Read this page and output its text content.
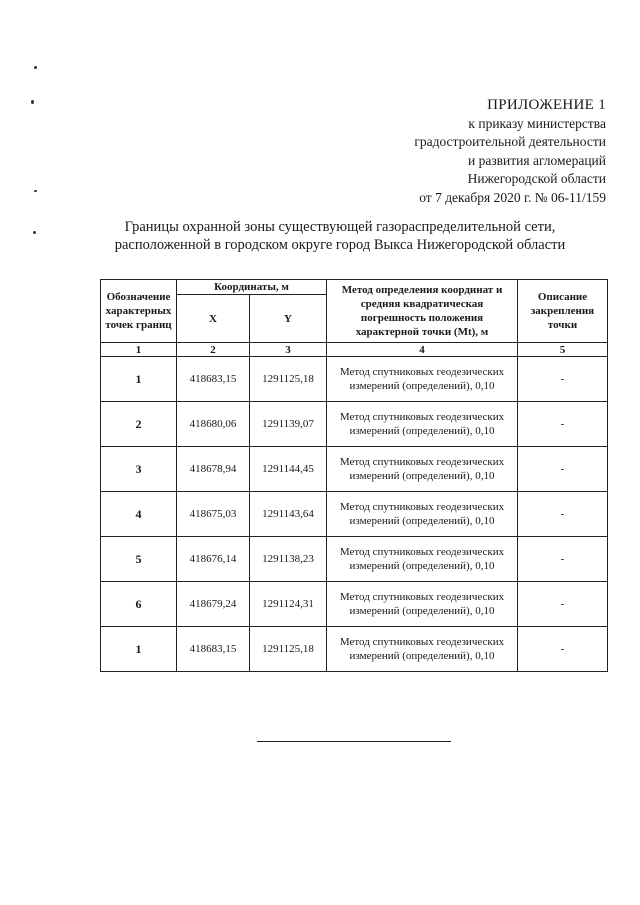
ПРИЛОЖЕНИЕ 1
к приказу министерства
градостроительной деятельности
и развития агломераций
Нижегородской области
от 7 декабря 2020 г. № 06-11/159
Границы охранной зоны существующей газораспределительной сети,
расположенной в городском округе город Выкса Нижегородской области
Обозначение характерных точек границ	Координаты, м		Метод определения координат и средняя квадратическая погрешность положения характерной точки (Mt), м	Описание закрепления точки
	X	Y		
1	2	3	4	5
1	418683,15	1291125,18	Метод спутниковых геодезических измерений (определений), 0,10	-
2	418680,06	1291139,07	Метод спутниковых геодезических измерений (определений), 0,10	-
3	418678,94	1291144,45	Метод спутниковых геодезических измерений (определений), 0,10	-
4	418675,03	1291143,64	Метод спутниковых геодезических измерений (определений), 0,10	-
5	418676,14	1291138,23	Метод спутниковых геодезических измерений (определений), 0,10	-
6	418679,24	1291124,31	Метод спутниковых геодезических измерений (определений), 0,10	-
1	418683,15	1291125,18	Метод спутниковых геодезических измерений (определений), 0,10	-
